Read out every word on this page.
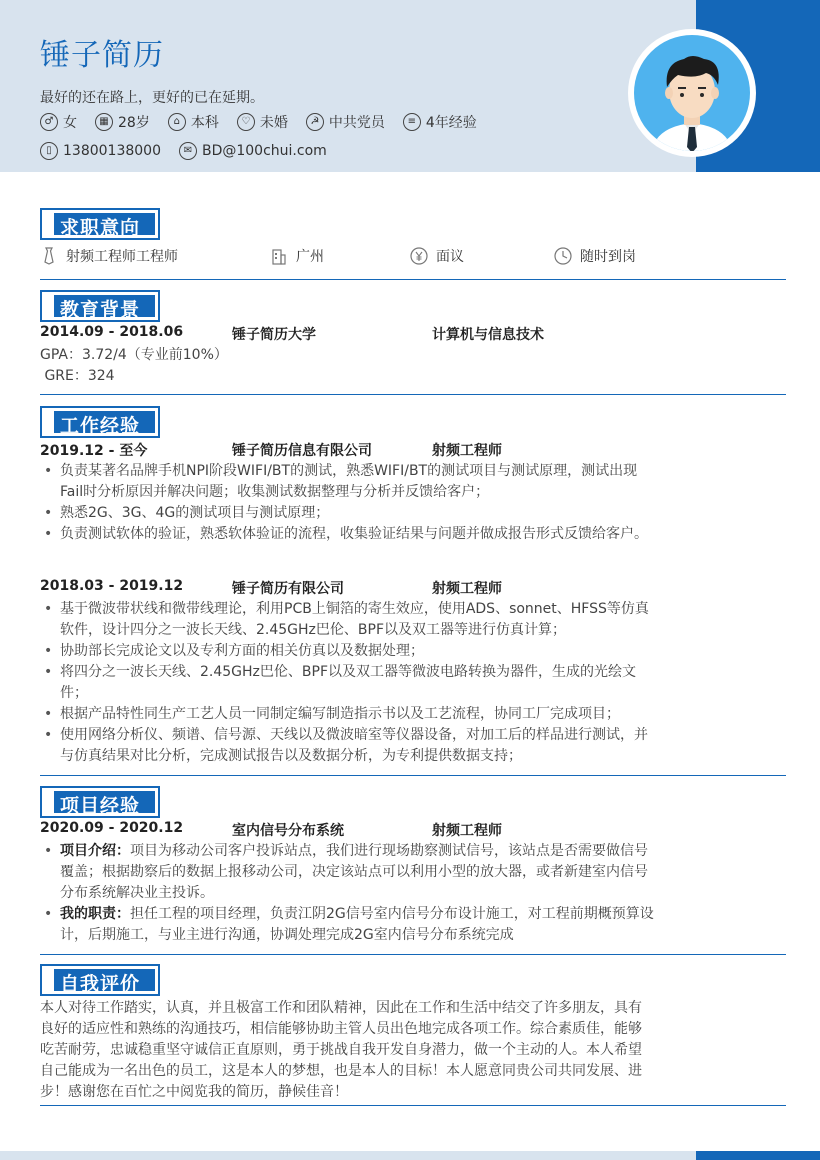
锤子简历
最好的还在路上，更好的已在延期。
♂ 女	▦ 28岁	⌂ 本科	♡ 未婚	☭ 中共党员	≡ 4年经验
▯ 13800138000	✉ BD@100chui.com
求职意向
射频工程师工程师	广州	面议	随时到岗
教育背景
2014.09 - 2018.06	锤子简历大学	计算机与信息技术
GPA：3.72/4（专业前10%）
GRE：324
工作经验
2019.12 - 至今	锤子简历信息有限公司	射频工程师
• 负责某著名品牌手机NPI阶段WIFI/BT的测试，熟悉WIFI/BT的测试项目与测试原理，测试出现Fail时分析原因并解决问题；收集测试数据整理与分析并反馈给客户；
• 熟悉2G、3G、4G的测试项目与测试原理；
• 负责测试软体的验证，熟悉软体验证的流程，收集验证结果与问题并做成报告形式反馈给客户。
2018.03 - 2019.12	锤子简历有限公司	射频工程师
• 基于微波带状线和微带线理论，利用PCB上铜箔的寄生效应，使用ADS、sonnet、HFSS等仿真软件，设计四分之一波长天线、2.45GHz巴伦、BPF以及双工器等进行仿真计算；
• 协助部长完成论文以及专利方面的相关仿真以及数据处理；
• 将四分之一波长天线、2.45GHz巴伦、BPF以及双工器等微波电路转换为器件，生成的光绘文件；
• 根据产品特性同生产工艺人员一同制定编写制造指示书以及工艺流程，协同工厂完成项目；
• 使用网络分析仪、频谱、信号源、天线以及微波暗室等仪器设备，对加工后的样品进行测试，并与仿真结果对比分析，完成测试报告以及数据分析，为专利提供数据支持；
项目经验
2020.09 - 2020.12	室内信号分布系统	射频工程师
• 项目介绍：项目为移动公司客户投诉站点，我们进行现场勘察测试信号，该站点是否需要做信号覆盖；根据勘察后的数据上报移动公司，决定该站点可以利用小型的放大器，或者新建室内信号分布系统解决业主投诉。
• 我的职责：担任工程的项目经理，负责江阴2G信号室内信号分布设计施工，对工程前期概预算设计，后期施工，与业主进行沟通，协调处理完成2G室内信号分布系统完成
自我评价
本人对待工作踏实，认真，并且极富工作和团队精神，因此在工作和生活中结交了许多朋友，具有良好的适应性和熟练的沟通技巧，相信能够协助主管人员出色地完成各项工作。综合素质佳，能够吃苦耐劳，忠诚稳重坚守诚信正直原则，勇于挑战自我开发自身潜力，做一个主动的人。本人希望自己能成为一名出色的员工，这是本人的梦想，也是本人的目标！本人愿意同贵公司共同发展、进步！感谢您在百忙之中阅览我的简历，静候佳音！
